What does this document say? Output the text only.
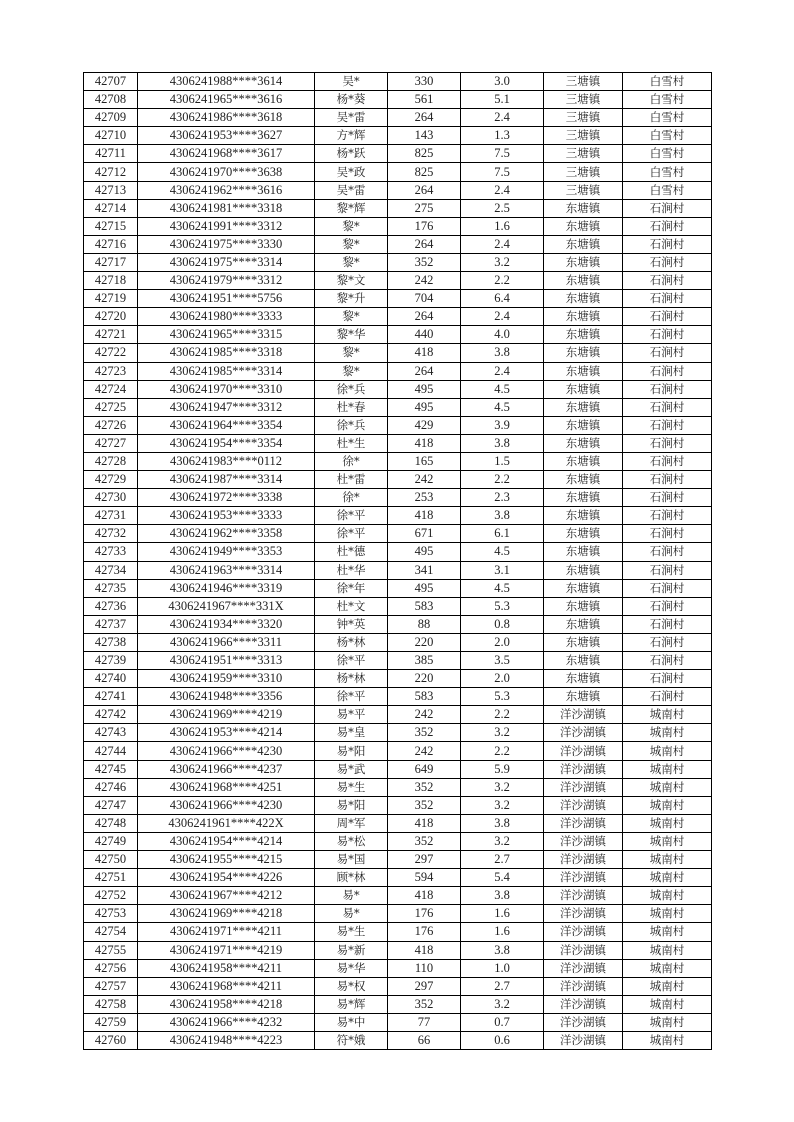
42707	4306241988****3614	吴*	330	3.0	三塘镇	白雪村
42708	4306241965****3616	杨*葵	561	5.1	三塘镇	白雪村
42709	4306241986****3618	吴*雷	264	2.4	三塘镇	白雪村
42710	4306241953****3627	方*辉	143	1.3	三塘镇	白雪村
42711	4306241968****3617	杨*跃	825	7.5	三塘镇	白雪村
42712	4306241970****3638	吴*政	825	7.5	三塘镇	白雪村
42713	4306241962****3616	吴*雷	264	2.4	三塘镇	白雪村
42714	4306241981****3318	黎*辉	275	2.5	东塘镇	石涧村
42715	4306241991****3312	黎*	176	1.6	东塘镇	石涧村
42716	4306241975****3330	黎*	264	2.4	东塘镇	石涧村
42717	4306241975****3314	黎*	352	3.2	东塘镇	石涧村
42718	4306241979****3312	黎*文	242	2.2	东塘镇	石涧村
42719	4306241951****5756	黎*升	704	6.4	东塘镇	石涧村
42720	4306241980****3333	黎*	264	2.4	东塘镇	石涧村
42721	4306241965****3315	黎*华	440	4.0	东塘镇	石涧村
42722	4306241985****3318	黎*	418	3.8	东塘镇	石涧村
42723	4306241985****3314	黎*	264	2.4	东塘镇	石涧村
42724	4306241970****3310	徐*兵	495	4.5	东塘镇	石涧村
42725	4306241947****3312	杜*春	495	4.5	东塘镇	石涧村
42726	4306241964****3354	徐*兵	429	3.9	东塘镇	石涧村
42727	4306241954****3354	杜*生	418	3.8	东塘镇	石涧村
42728	4306241983****0112	徐*	165	1.5	东塘镇	石涧村
42729	4306241987****3314	杜*雷	242	2.2	东塘镇	石涧村
42730	4306241972****3338	徐*	253	2.3	东塘镇	石涧村
42731	4306241953****3333	徐*平	418	3.8	东塘镇	石涧村
42732	4306241962****3358	徐*平	671	6.1	东塘镇	石涧村
42733	4306241949****3353	杜*德	495	4.5	东塘镇	石涧村
42734	4306241963****3314	杜*华	341	3.1	东塘镇	石涧村
42735	4306241946****3319	徐*年	495	4.5	东塘镇	石涧村
42736	4306241967****331X	杜*文	583	5.3	东塘镇	石涧村
42737	4306241934****3320	钟*英	88	0.8	东塘镇	石涧村
42738	4306241966****3311	杨*林	220	2.0	东塘镇	石涧村
42739	4306241951****3313	徐*平	385	3.5	东塘镇	石涧村
42740	4306241959****3310	杨*林	220	2.0	东塘镇	石涧村
42741	4306241948****3356	徐*平	583	5.3	东塘镇	石涧村
42742	4306241969****4219	易*平	242	2.2	洋沙湖镇	城南村
42743	4306241953****4214	易*皇	352	3.2	洋沙湖镇	城南村
42744	4306241966****4230	易*阳	242	2.2	洋沙湖镇	城南村
42745	4306241966****4237	易*武	649	5.9	洋沙湖镇	城南村
42746	4306241968****4251	易*生	352	3.2	洋沙湖镇	城南村
42747	4306241966****4230	易*阳	352	3.2	洋沙湖镇	城南村
42748	4306241961****422X	周*军	418	3.8	洋沙湖镇	城南村
42749	4306241954****4214	易*松	352	3.2	洋沙湖镇	城南村
42750	4306241955****4215	易*国	297	2.7	洋沙湖镇	城南村
42751	4306241954****4226	顾*林	594	5.4	洋沙湖镇	城南村
42752	4306241967****4212	易*	418	3.8	洋沙湖镇	城南村
42753	4306241969****4218	易*	176	1.6	洋沙湖镇	城南村
42754	4306241971****4211	易*生	176	1.6	洋沙湖镇	城南村
42755	4306241971****4219	易*新	418	3.8	洋沙湖镇	城南村
42756	4306241958****4211	易*华	110	1.0	洋沙湖镇	城南村
42757	4306241968****4211	易*权	297	2.7	洋沙湖镇	城南村
42758	4306241958****4218	易*辉	352	3.2	洋沙湖镇	城南村
42759	4306241966****4232	易*中	77	0.7	洋沙湖镇	城南村
42760	4306241948****4223	符*娥	66	0.6	洋沙湖镇	城南村
